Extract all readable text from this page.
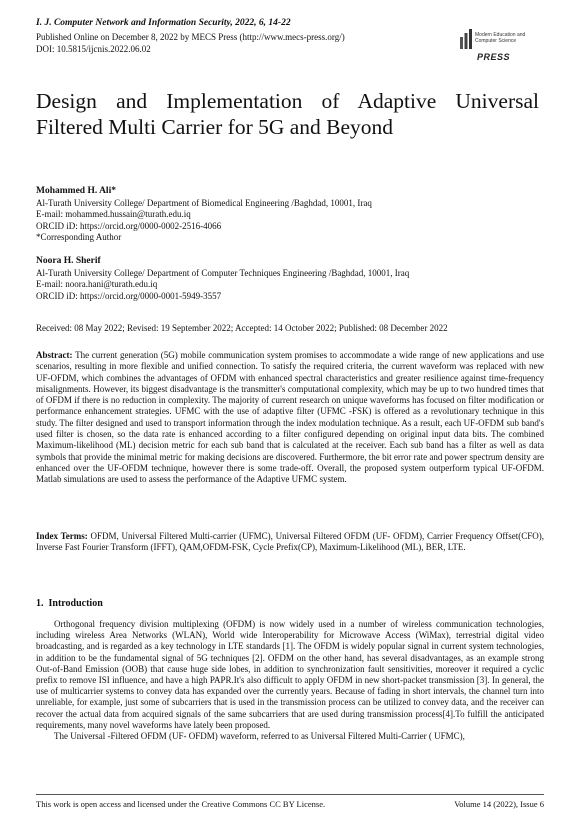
I. J. Computer Network and Information Security, 2022, 6, 14-22
Published Online on December 8, 2022 by MECS Press (http://www.mecs-press.org/)
DOI: 10.5815/ijcnis.2022.06.02
Modern Education and Computer Science
PRESS
Design and Implementation of Adaptive Universal Filtered Multi Carrier for 5G and Beyond
Mohammed H. Ali*
Al-Turath University College/ Department of Biomedical Engineering /Baghdad, 10001, Iraq
E-mail: mohammed.hussain@turath.edu.iq
ORCID iD: https://orcid.org/0000-0002-2516-4066
*Corresponding Author
Noora H. Sherif
Al-Turath University College/ Department of Computer Techniques Engineering /Baghdad, 10001, Iraq
E-mail: noora.hani@turath.edu.iq
ORCID iD: https://orcid.org/0000-0001-5949-3557
Received: 08 May 2022; Revised: 19 September 2022; Accepted: 14 October 2022; Published: 08 December 2022

Abstract: The current generation (5G) mobile communication system promises to accommodate a wide range of new applications and use scenarios, resulting in more flexible and unified connection. To satisfy the required criteria, the current waveform was replaced with new UF-OFDM, which combines the advantages of OFDM with enhanced spectral characteristics and greater resilience against time-frequency misalignments. However, its biggest disadvantage is the transmitter's computational complexity, which may be up to two hundred times that of OFDM if there is no reduction in complexity. The majority of current research on unique waveforms has focused on filter modification or performance enhancement strategies. UFMC with the use of adaptive filter (UFMC -FSK) is offered as a revolutionary technique in this study. The filter designed and used to transport information through the index modulation technique. As a result, each UF-OFDM sub band's used filter is chosen, so the data rate is enhanced according to a filter configured depending on original input data bits. The combined Maximum-likelihood (ML) decision metric for each sub band that is calculated at the receiver. Each sub band has a filter as well as data symbols that provide the minimal metric for making decisions are discovered. Furthermore, the bit error rate and power spectrum density are enhanced over the UF-OFDM technique, however there is some trade-off. Overall, the proposed system outperform typical UF-OFDM. Matlab simulations are used to assess the performance of the Adaptive UFMC system.

Index Terms: OFDM, Universal Filtered Multi-carrier (UFMC), Universal Filtered OFDM (UF- OFDM), Carrier Frequency Offset(CFO), Inverse Fast Fourier Transform (IFFT), QAM,OFDM-FSK, Cycle Prefix(CP), Maximum-Likelihood (ML), BER, LTE.

1. Introduction

Orthogonal frequency division multiplexing (OFDM) is now widely used in a number of wireless communication technologies, including wireless Area Networks (WLAN), World wide Interoperability for Microwave Access (WiMax), terrestrial digital video broadcasting, and is regarded as a key technology in LTE standards [1]. The OFDM is widely popular signal in current system technologies, in addition to be the fundamental signal of 5G techniques [2]. OFDM on the other hand, has several disadvantages, as an example strong Out-of-Band Emission (OOB) that cause huge side lobes, in addition to synchronization fault sensitivities, moreover it required a cyclic prefix to remove ISI influence, and have a high PAPR.It's also difficult to apply OFDM in new short-packet transmission [3]. In general, the use of multicarrier systems to convey data has expanded over the currently years. Because of fading in short intervals, the channel turn into unreliable, for example, just some of subcarriers that is used in the transmission process can be utilized to convey data, and the receiver can recover the actual data from acquired signals of the same subcarriers that are used during transmission process[4].To fulfill the anticipated requirements, many novel waveforms have lately been proposed.

The Universal -Filtered OFDM (UF- OFDM) waveform, referred to as Universal Filtered Multi-Carrier ( UFMC),

This work is open access and licensed under the Creative Commons CC BY License.	Volume 14 (2022), Issue 6
